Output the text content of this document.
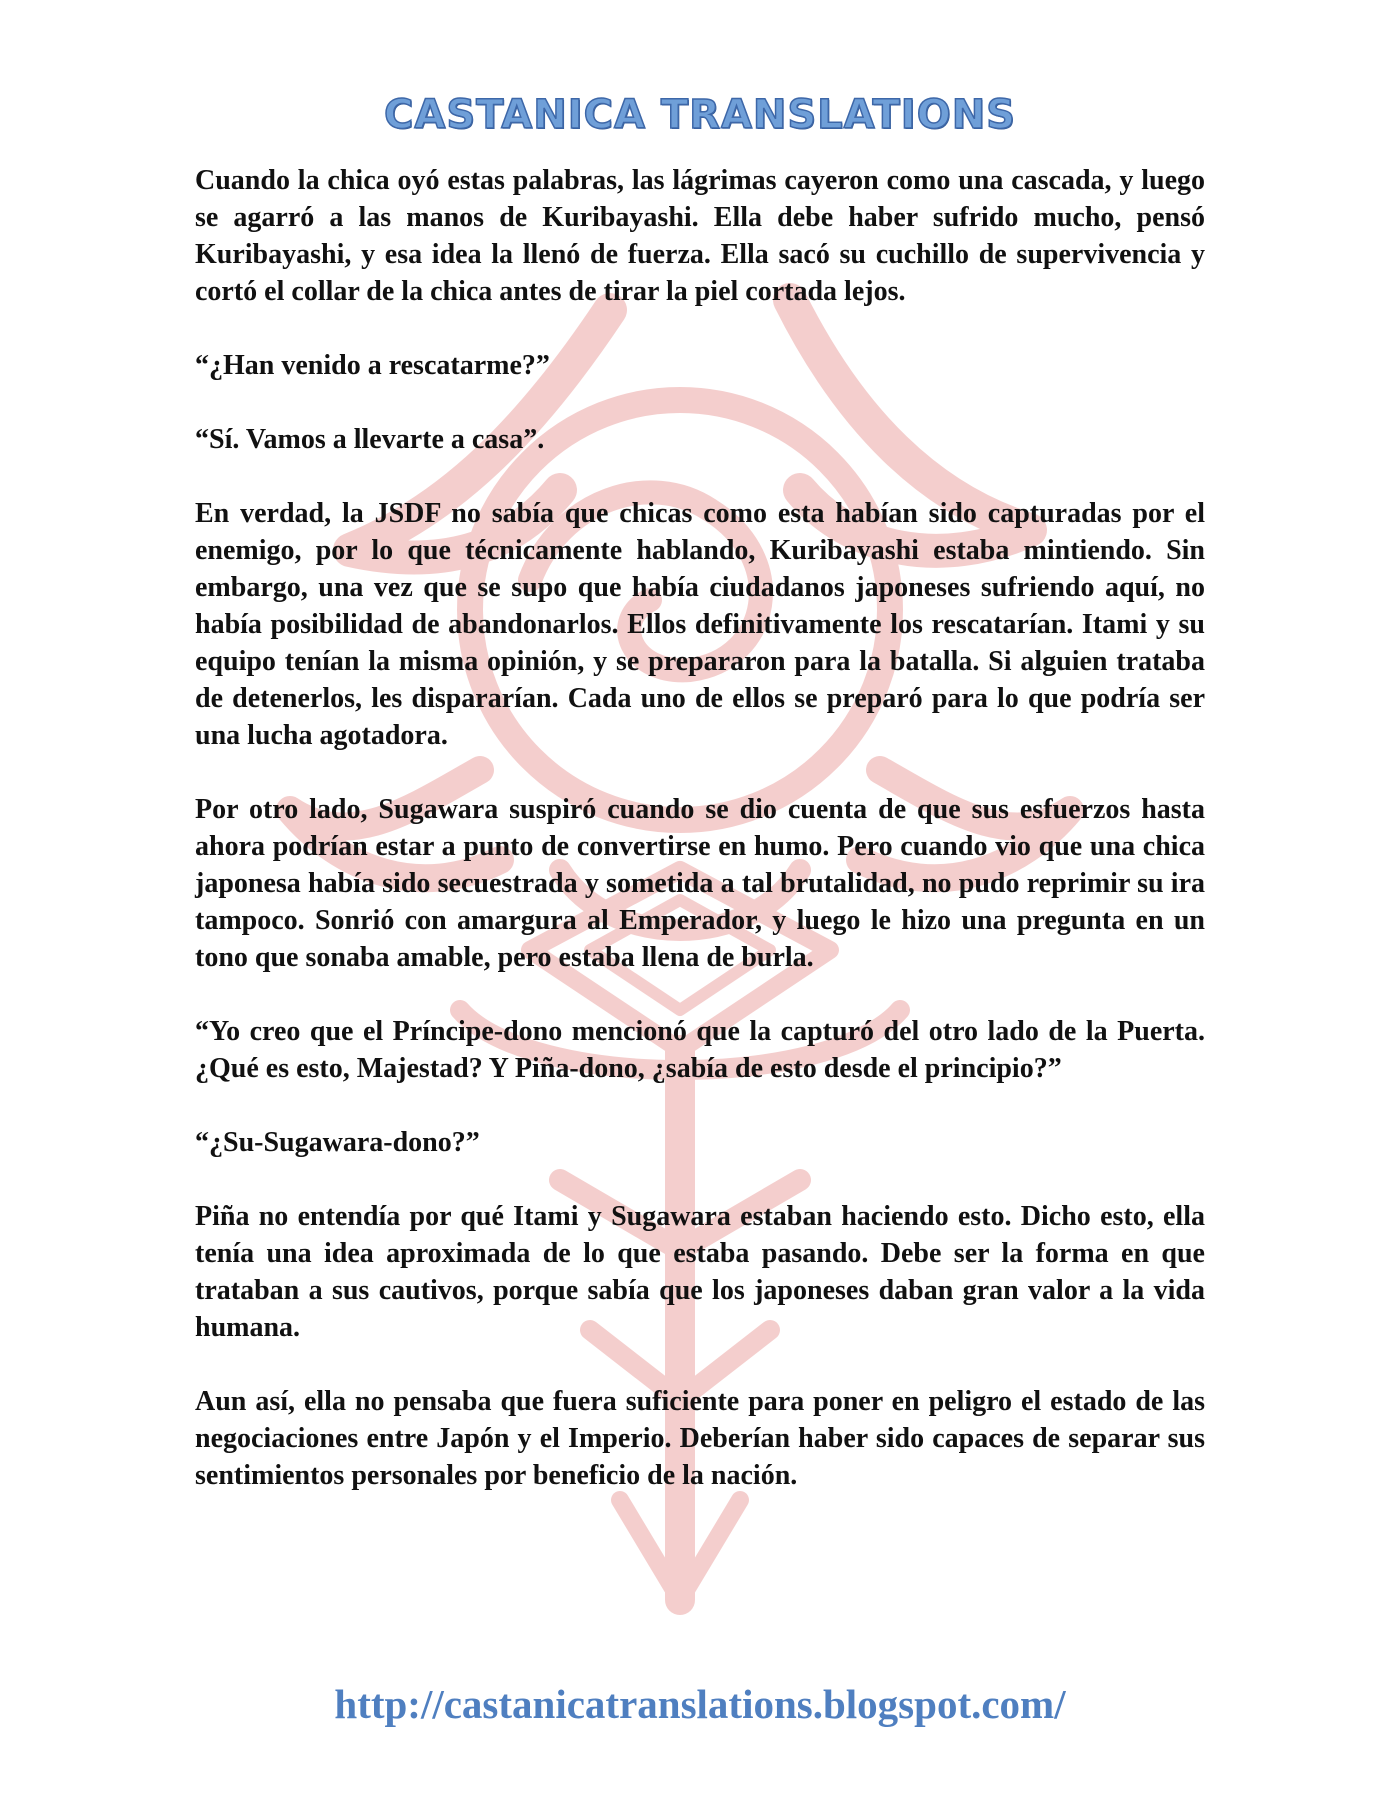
CASTANICA TRANSLATIONS

Cuando la chica oyó estas palabras, las lágrimas cayeron como una cascada, y luego se agarró a las manos de Kuribayashi. Ella debe haber sufrido mucho, pensó Kuribayashi, y esa idea la llenó de fuerza. Ella sacó su cuchillo de supervivencia y cortó el collar de la chica antes de tirar la piel cortada lejos.

“¿Han venido a rescatarme?”

“Sí. Vamos a llevarte a casa”.

En verdad, la JSDF no sabía que chicas como esta habían sido capturadas por el enemigo, por lo que técnicamente hablando, Kuribayashi estaba mintiendo. Sin embargo, una vez que se supo que había ciudadanos japoneses sufriendo aquí, no había posibilidad de abandonarlos. Ellos definitivamente los rescatarían. Itami y su equipo tenían la misma opinión, y se prepararon para la batalla. Si alguien trataba de detenerlos, les dispararían. Cada uno de ellos se preparó para lo que podría ser una lucha agotadora.

Por otro lado, Sugawara suspiró cuando se dio cuenta de que sus esfuerzos hasta ahora podrían estar a punto de convertirse en humo. Pero cuando vio que una chica japonesa había sido secuestrada y sometida a tal brutalidad, no pudo reprimir su ira tampoco. Sonrió con amargura al Emperador, y luego le hizo una pregunta en un tono que sonaba amable, pero estaba llena de burla.

“Yo creo que el Príncipe-dono mencionó que la capturó del otro lado de la Puerta. ¿Qué es esto, Majestad? Y Piña-dono, ¿sabía de esto desde el principio?”

“¿Su-Sugawara-dono?”

Piña no entendía por qué Itami y Sugawara estaban haciendo esto. Dicho esto, ella tenía una idea aproximada de lo que estaba pasando. Debe ser la forma en que trataban a sus cautivos, porque sabía que los japoneses daban gran valor a la vida humana.

Aun así, ella no pensaba que fuera suficiente para poner en peligro el estado de las negociaciones entre Japón y el Imperio. Deberían haber sido capaces de separar sus sentimientos personales por beneficio de la nación.

http://castanicatranslations.blogspot.com/
